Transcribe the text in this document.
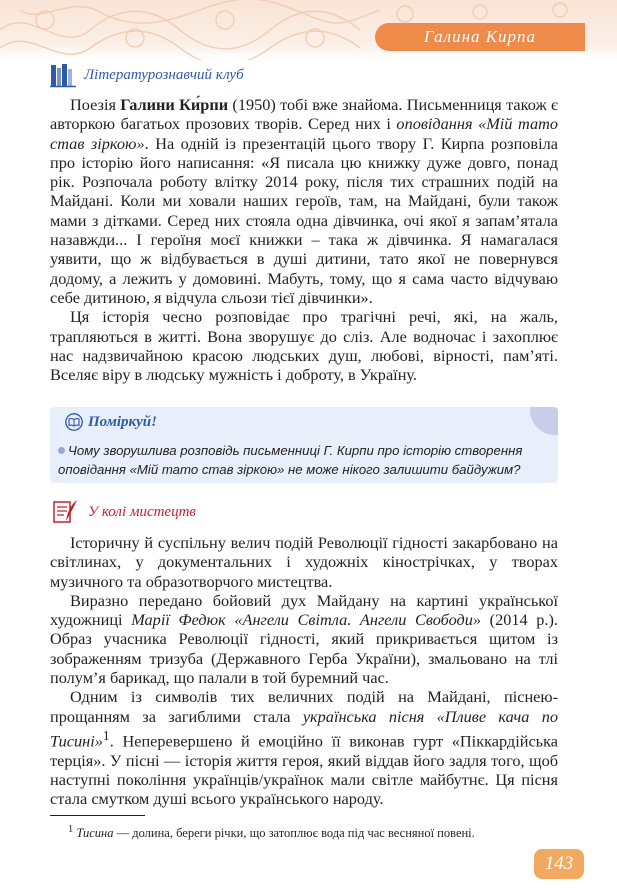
Галина Кирпа
Літературознавчий клуб

Поезія Галини Ки́рпи (1950) тобі вже знайома. Письменниця також є авторкою багатьох прозових творів. Серед них і оповідання «Мій тато став зіркою». На одній із презентацій цього твору Г. Кирпа розповіла про історію його написання: «Я писала цю книжку дуже довго, понад рік. Розпочала роботу влітку 2014 року, після тих страшних подій на Майдані. Коли ми ховали наших героїв, там, на Майдані, були також мами з дітками. Серед них стояла одна дівчинка, очі якої я запам’ятала назавжди... І героїня моєї книжки – така ж дівчинка. Я намагалася уявити, що ж відбувається в душі дитини, тато якої не повернувся додому, а лежить у домовині. Мабуть, тому, що я сама часто відчуваю себе дитиною, я відчула сльози тієї дівчинки».

Ця історія чесно розповідає про трагічні речі, які, на жаль, трапляються в житті. Вона зворушує до сліз. Але водночас і захоплює нас надзвичайною красою людських душ, любові, вірності, пам’яті. Вселяє віру в людську мужність і доброту, в Україну.

Поміркуй!
Чому зворушлива розповідь письменниці Г. Кирпи про історію створення оповідання «Мій тато став зіркою» не може нікого залишити байдужим?
У колі мистецтв

Історичну й суспільну велич подій Революції гідності закарбовано на світлинах, у документальних і художніх кінострічках, у творах музичного та образотворчого мистецтва.

Виразно передано бойовий дух Майдану на картині української художниці Марії Федюк «Ангели Світла. Ангели Свободи» (2014 р.). Образ учасника Революції гідності, який прикривається щитом із зображенням тризуба (Державного Герба України), змальовано на тлі полум’я барикад, що палали в той буремний час.

Одним із символів тих величних подій на Майдані, піснею-прощанням за загиблими стала українська пісня «Пливе кача по Тисині»$^1$. Неперевершено й емоційно її виконав гурт «Піккардійська терція». У пісні — історія життя героя, який віддав його задля того, щоб наступні покоління українців/українок мали світле майбутнє. Ця пісня стала смутком душі всього українського народу.

$^1$ Тисина — долина, береги річки, що затоплює вода під час весняної повені.
143
